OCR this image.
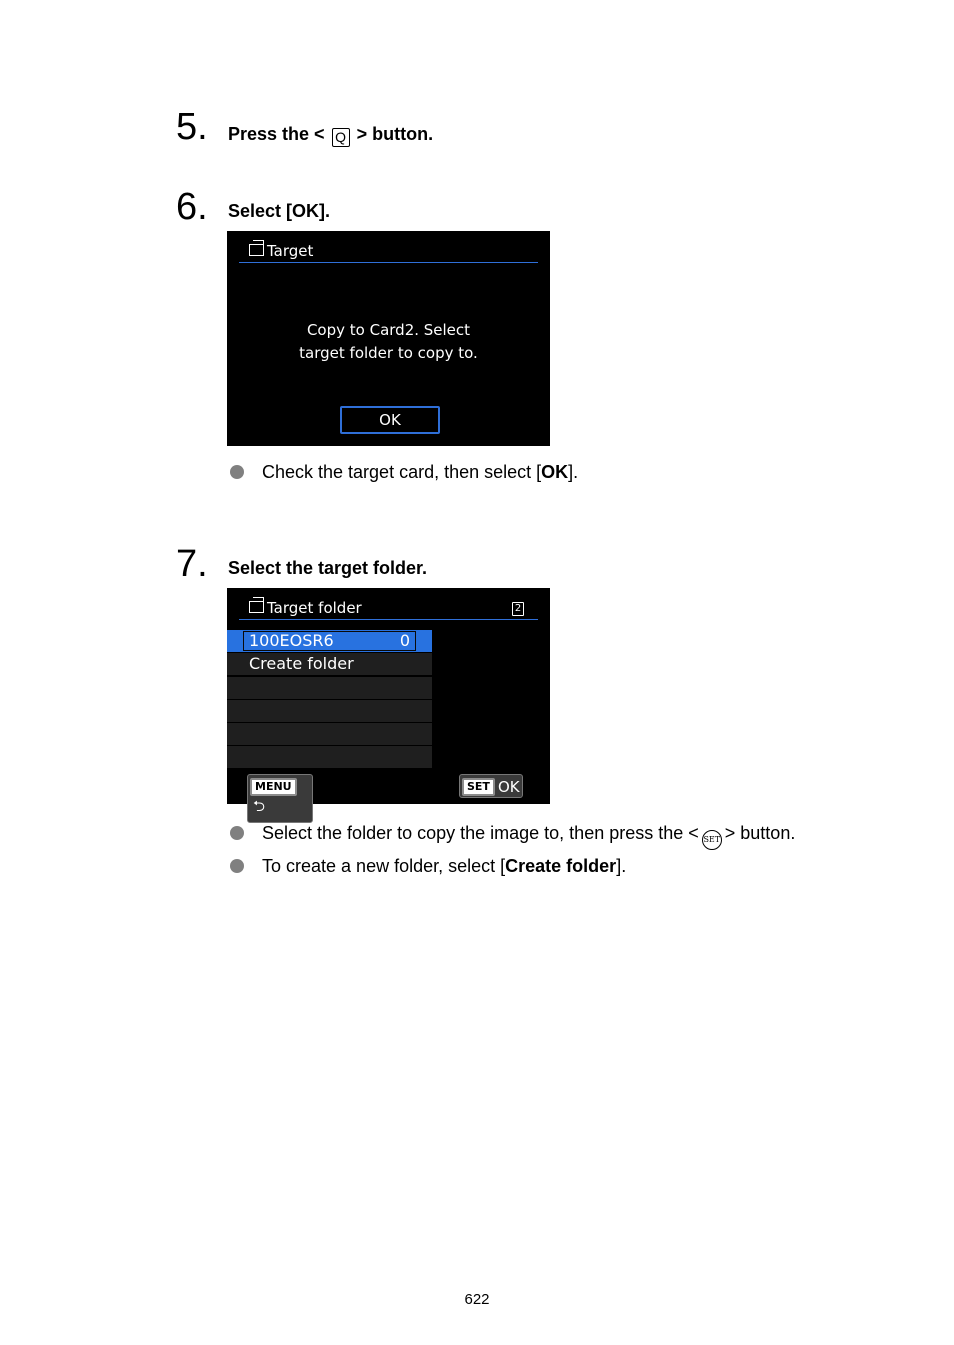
5. Press the < Q > button.
6. Select [OK].
Target
Copy to Card2. Select
target folder to copy to.
OK
Check the target card, then select [OK].
7. Select the target folder.
Target folder	2
100EOSR6	0
Create folder
MENU⮌
SET OK
Select the folder to copy the image to, then press the < SET > button.
To create a new folder, select [Create folder].
622
